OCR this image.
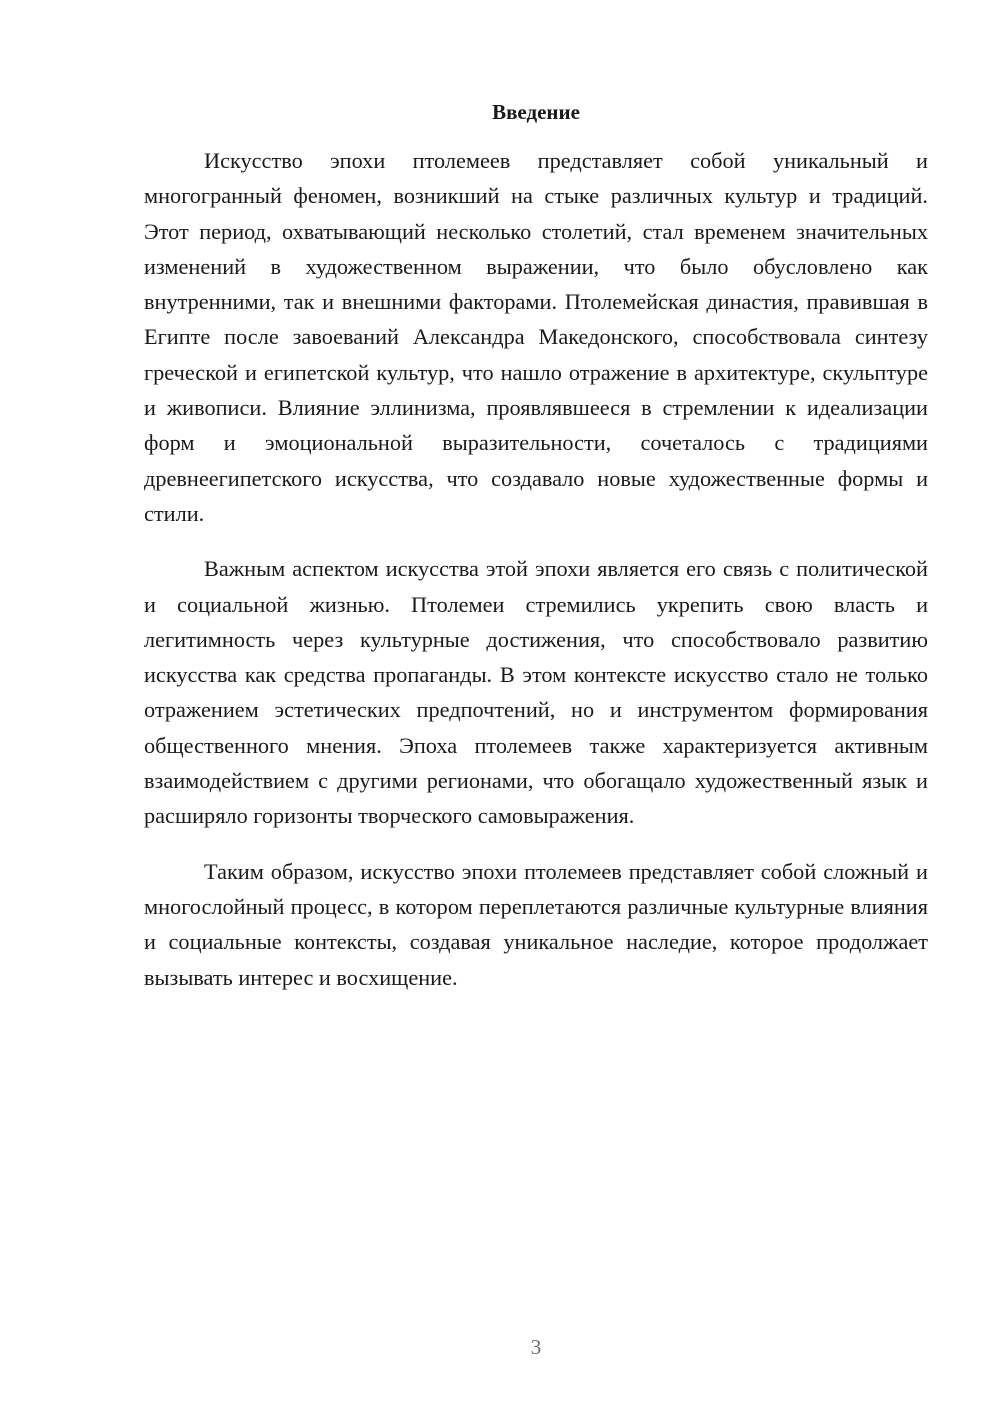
Введение

Искусство эпохи птолемеев представляет собой уникальный и многогранный феномен, возникший на стыке различных культур и традиций. Этот период, охватывающий несколько столетий, стал временем значительных изменений в художественном выражении, что было обусловлено как внутренними, так и внешними факторами. Птолемейская династия, правившая в Египте после завоеваний Александра Македонского, способствовала синтезу греческой и египетской культур, что нашло отражение в архитектуре, скульптуре и живописи. Влияние эллинизма, проявлявшееся в стремлении к идеализации форм и эмоциональной выразительности, сочеталось с традициями древнеегипетского искусства, что создавало новые художественные формы и стили.

Важным аспектом искусства этой эпохи является его связь с политической и социальной жизнью. Птолемеи стремились укрепить свою власть и легитимность через культурные достижения, что способствовало развитию искусства как средства пропаганды. В этом контексте искусство стало не только отражением эстетических предпочтений, но и инструментом формирования общественного мнения. Эпоха птолемеев также характеризуется активным взаимодействием с другими регионами, что обогащало художественный язык и расширяло горизонты творческого самовыражения.

Таким образом, искусство эпохи птолемеев представляет собой сложный и многослойный процесс, в котором переплетаются различные культурные влияния и социальные контексты, создавая уникальное наследие, которое продолжает вызывать интерес и восхищение.

3
